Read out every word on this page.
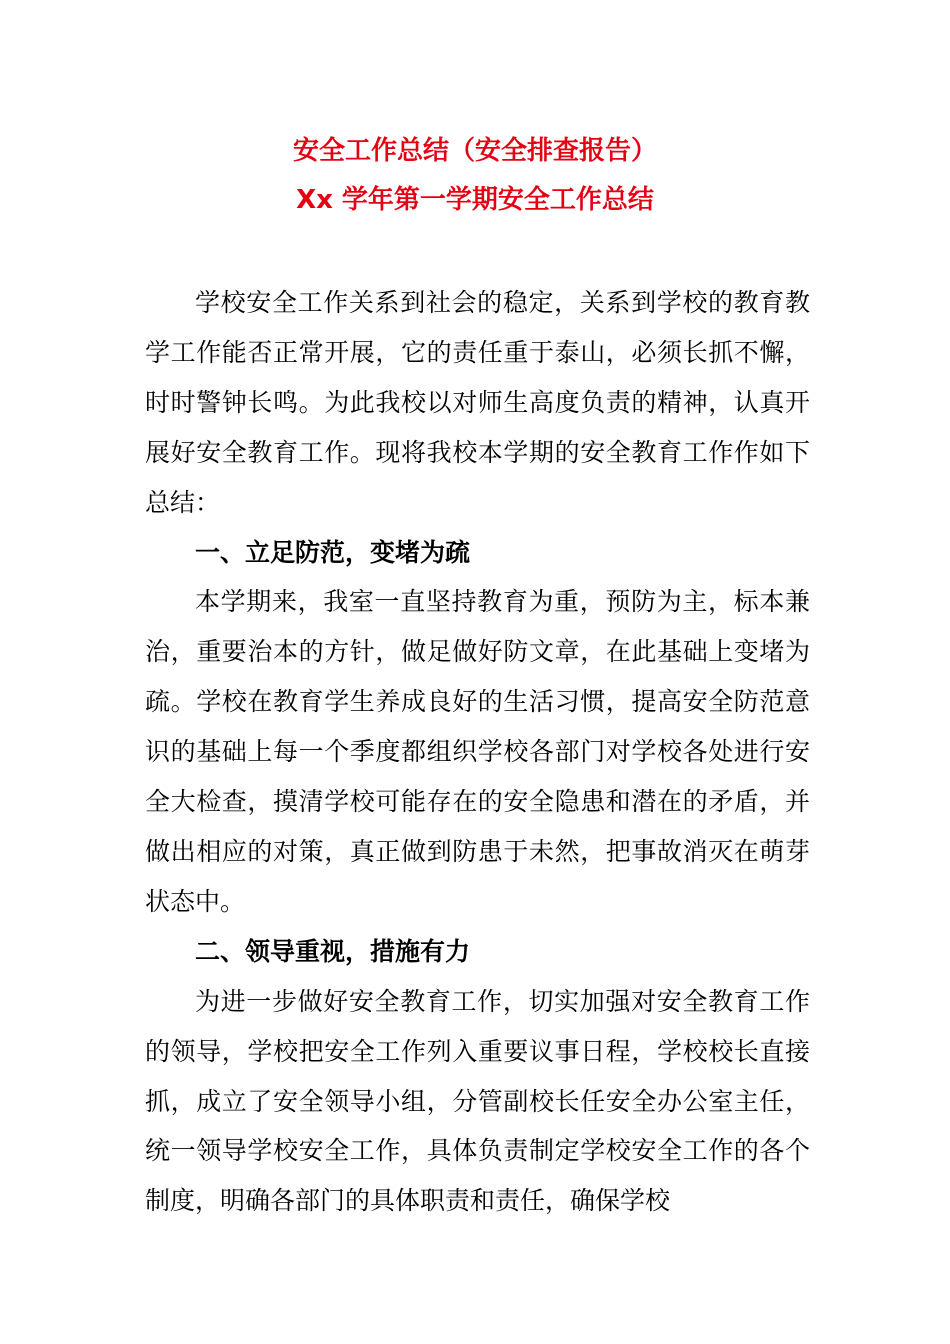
安全工作总结（安全排查报告）
Xx 学年第一学期安全工作总结

学校安全工作关系到社会的稳定，关系到学校的教育教学工作能否正常开展，它的责任重于泰山，必须长抓不懈，时时警钟长鸣。为此我校以对师生高度负责的精神，认真开展好安全教育工作。现将我校本学期的安全教育工作作如下总结：

一、立足防范，变堵为疏

本学期来，我室一直坚持教育为重，预防为主，标本兼治，重要治本的方针，做足做好防文章，在此基础上变堵为疏。学校在教育学生养成良好的生活习惯，提高安全防范意识的基础上每一个季度都组织学校各部门对学校各处进行安全大检查，摸清学校可能存在的安全隐患和潜在的矛盾，并做出相应的对策，真正做到防患于未然，把事故消灭在萌芽状态中。

二、领导重视，措施有力

为进一步做好安全教育工作，切实加强对安全教育工作的领导，学校把安全工作列入重要议事日程，学校校长直接抓，成立了安全领导小组，分管副校长任安全办公室主任，统一领导学校安全工作，具体负责制定学校安全工作的各个制度，明确各部门的具体职责和责任，确保学校
